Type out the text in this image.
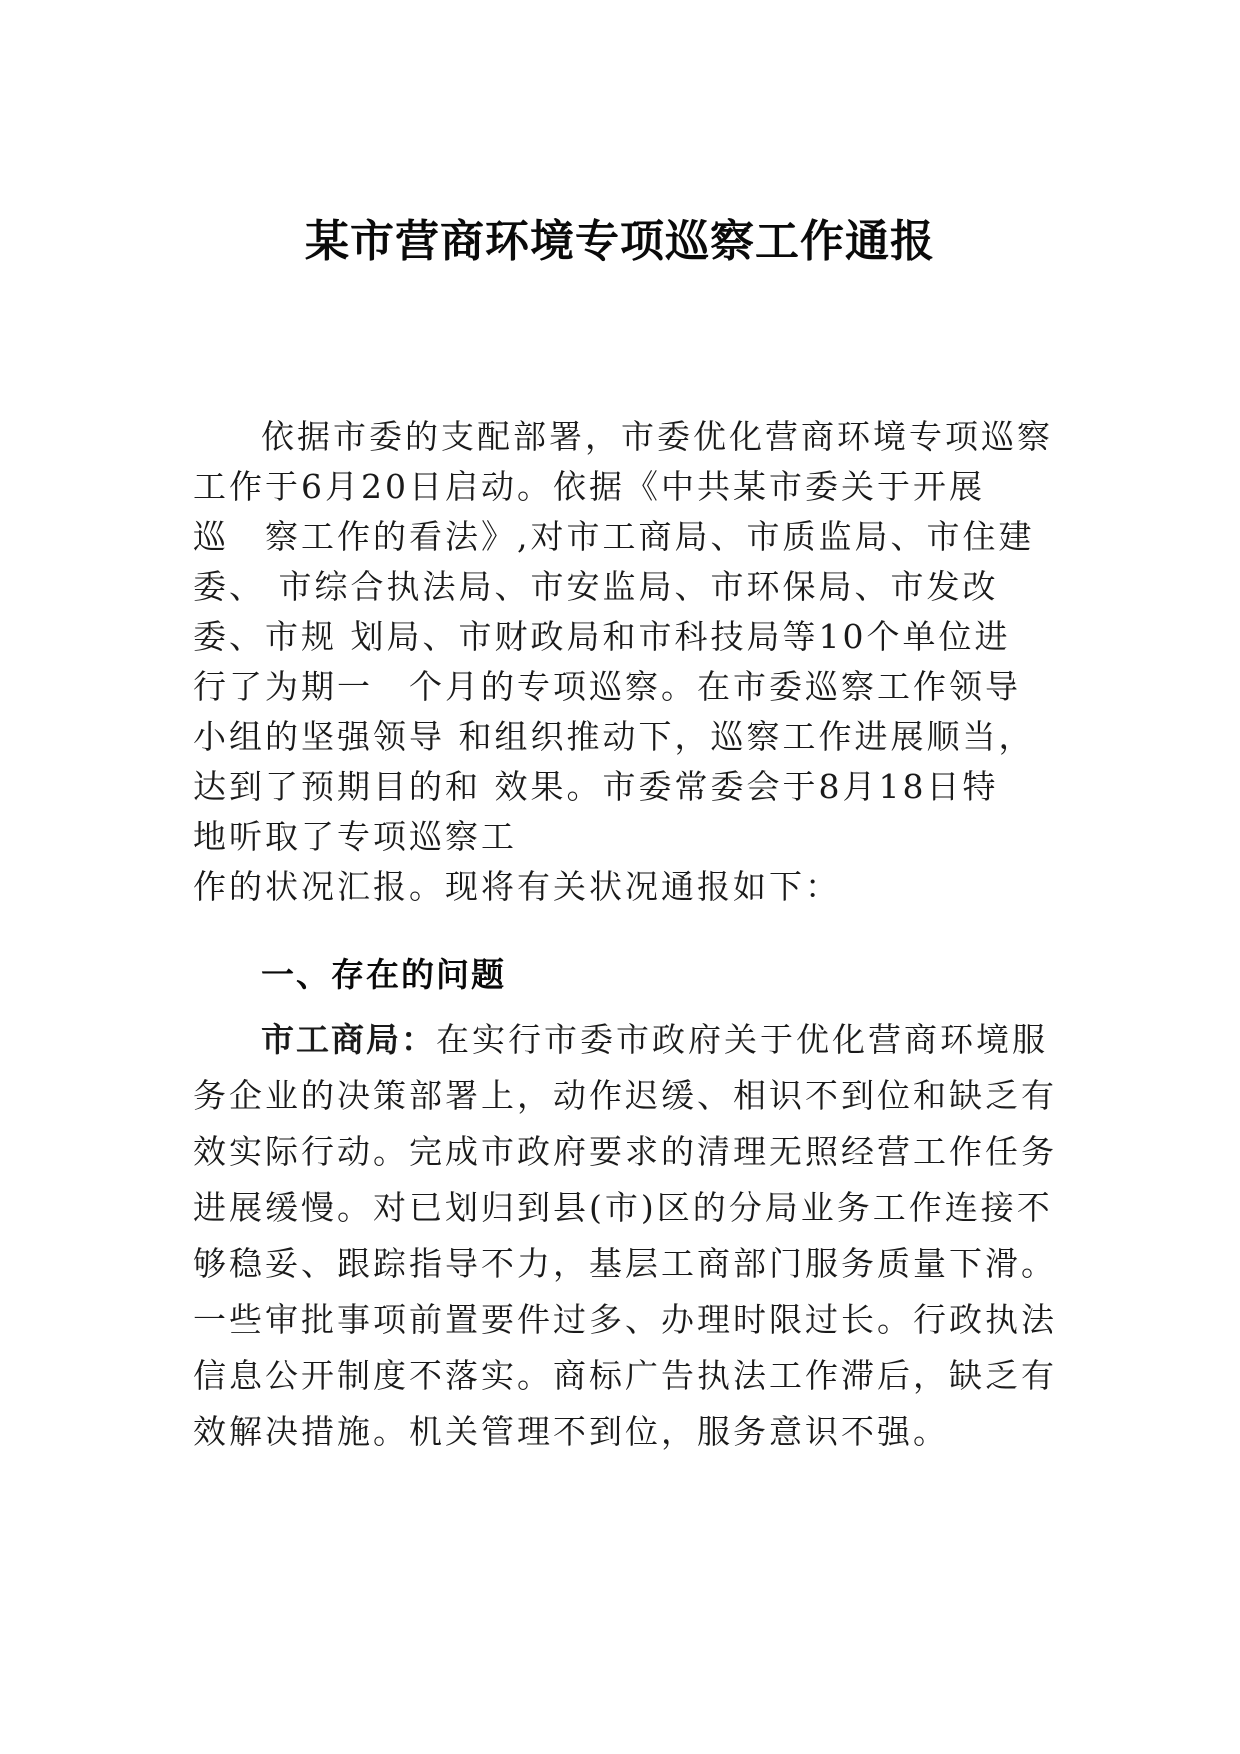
某市营商环境专项巡察工作通报
依据市委的支配部署，市委优化营商环境专项巡察
工作于6月20日启动。依据《中共某市委关于开展
巡　察工作的看法》,对市工商局、市质监局、市住建
委、 市综合执法局、市安监局、市环保局、市发改
委、市规 划局、市财政局和市科技局等10个单位进
行了为期一　个月的专项巡察。在市委巡察工作领导
小组的坚强领导 和组织推动下，巡察工作进展顺当，
达到了预期目的和 效果。市委常委会于8月18日特
地听取了专项巡察工
作的状况汇报。现将有关状况通报如下：
一、存在的问题
市工商局：在实行市委市政府关于优化营商环境服
务企业的决策部署上，动作迟缓、相识不到位和缺乏有
效实际行动。完成市政府要求的清理无照经营工作任务
进展缓慢。对已划归到县(市)区的分局业务工作连接不
够稳妥、跟踪指导不力，基层工商部门服务质量下滑。
一些审批事项前置要件过多、办理时限过长。行政执法
信息公开制度不落实。商标广告执法工作滞后，缺乏有
效解决措施。机关管理不到位，服务意识不强。
